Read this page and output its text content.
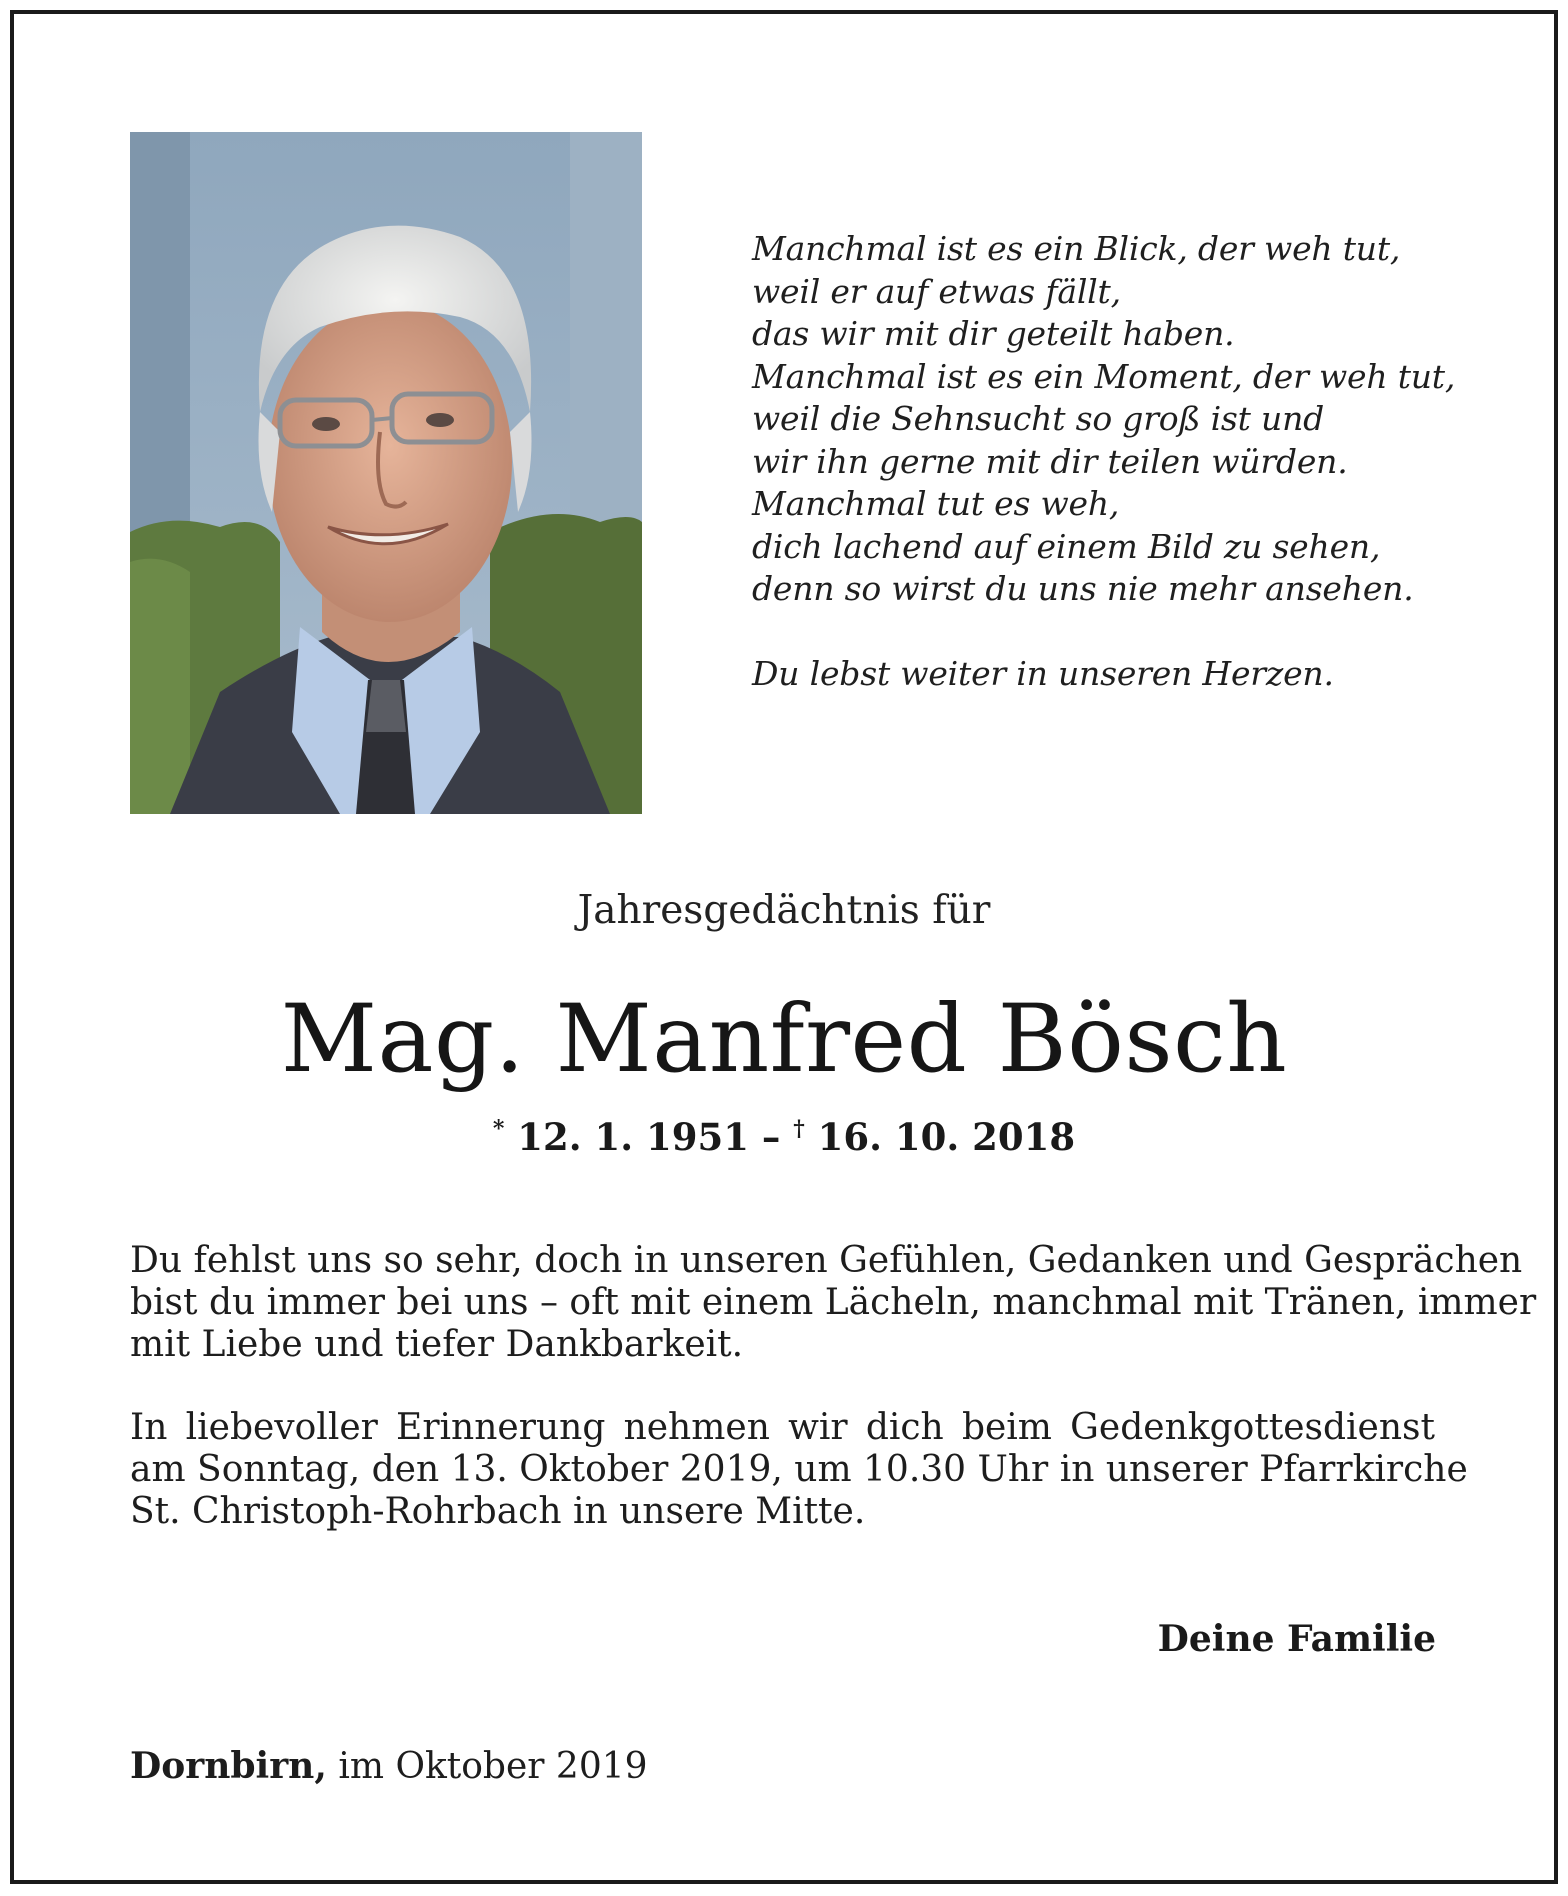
Manchmal ist es ein Blick, der weh tut,
weil er auf etwas fällt,
das wir mit dir geteilt haben.
Manchmal ist es ein Moment, der weh tut,
weil die Sehnsucht so groß ist und
wir ihn gerne mit dir teilen würden.
Manchmal tut es weh,
dich lachend auf einem Bild zu sehen,
denn so wirst du uns nie mehr ansehen.
Du lebst weiter in unseren Herzen.
Jahresgedächtnis für
Mag. Manfred Bösch
* 12. 1. 1951 – † 16. 10. 2018
Du fehlst uns so sehr, doch in unseren Gefühlen, Gedanken und Gesprächen
bist du immer bei uns – oft mit einem Lächeln, manchmal mit Tränen, immer
mit Liebe und tiefer Dankbarkeit.
In liebevoller Erinnerung nehmen wir dich beim Gedenkgottesdienst
am Sonntag, den 13. Oktober 2019, um 10.30 Uhr in unserer Pfarrkirche
St. Christoph-Rohrbach in unsere Mitte.
Deine Familie
Dornbirn, im Oktober 2019
